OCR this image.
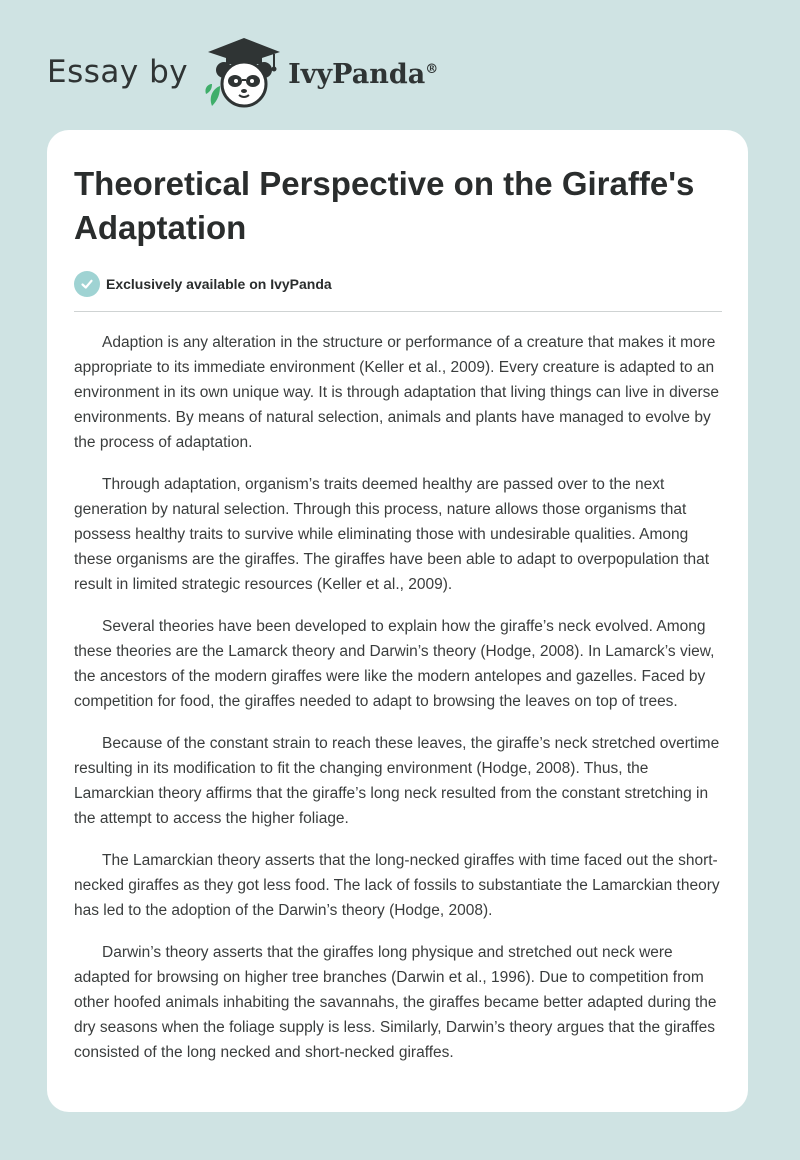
Essay by	IvyPanda®
Theoretical Perspective on the Giraffe's Adaptation
Exclusively available on IvyPanda

Adaption is any alteration in the structure or performance of a creature that makes it more appropriate to its immediate environment (Keller et al., 2009). Every creature is adapted to an environment in its own unique way. It is through adaptation that living things can live in diverse environments. By means of natural selection, animals and plants have managed to evolve by the process of adaptation.

Through adaptation, organism’s traits deemed healthy are passed over to the next generation by natural selection. Through this process, nature allows those organisms that possess healthy traits to survive while eliminating those with undesirable qualities. Among these organisms are the giraffes. The giraffes have been able to adapt to overpopulation that result in limited strategic resources (Keller et al., 2009).

Several theories have been developed to explain how the giraffe’s neck evolved. Among these theories are the Lamarck theory and Darwin’s theory (Hodge, 2008). In Lamarck’s view, the ancestors of the modern giraffes were like the modern antelopes and gazelles. Faced by competition for food, the giraffes needed to adapt to browsing the leaves on top of trees.

Because of the constant strain to reach these leaves, the giraffe’s neck stretched overtime resulting in its modification to fit the changing environment (Hodge, 2008). Thus, the Lamarckian theory affirms that the giraffe’s long neck resulted from the constant stretching in the attempt to access the higher foliage.

The Lamarckian theory asserts that the long-necked giraffes with time faced out the short-necked giraffes as they got less food. The lack of fossils to substantiate the Lamarckian theory has led to the adoption of the Darwin’s theory (Hodge, 2008).

Darwin’s theory asserts that the giraffes long physique and stretched out neck were adapted for browsing on higher tree branches (Darwin et al., 1996). Due to competition from other hoofed animals inhabiting the savannahs, the giraffes became better adapted during the dry seasons when the foliage supply is less. Similarly, Darwin’s theory argues that the giraffes consisted of the long necked and short-necked giraffes.
